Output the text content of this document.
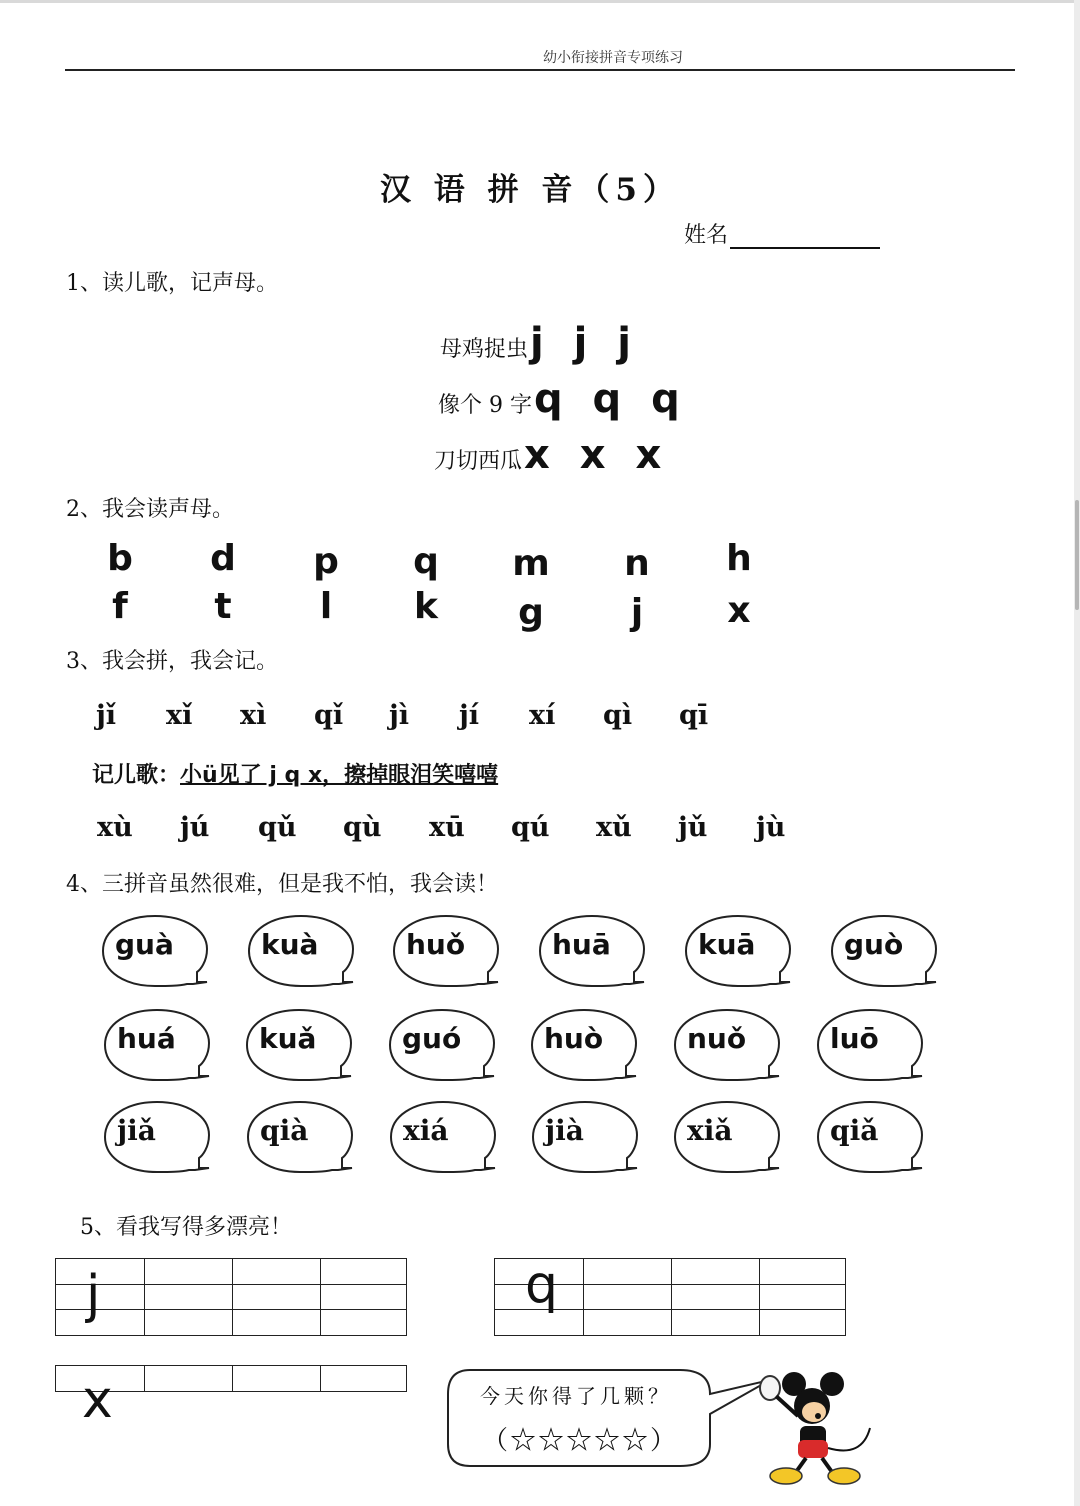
幼小衔接拼音专项练习
汉 语 拼 音（5）
姓名
1、读儿歌，记声母。
母鸡捉虫j j j
像个 9 字q q q
刀切西瓜x x x
2、我会读声母。
b d p q m n h
f	t	l	k g	j	x
3、我会拼，我会记。
jǐ xǐ xì qǐ jì jí xí qì qī
记儿歌：小ü见了 j q x，擦掉眼泪笑嘻嘻
xù jú qǔ qù xū qú xǔ jǔ jù
4、三拼音虽然很难，但是我不怕，我会读！
guà	kuà	huǒ	huā	kuā	guò
huá	kuǎ	guó	huò	nuǒ	luō
jiǎ	qià	xiá	jià	xiǎ	qiǎ
5、看我写得多漂亮！
j	q
x	今天你得了几颗？
（☆☆☆☆☆）
